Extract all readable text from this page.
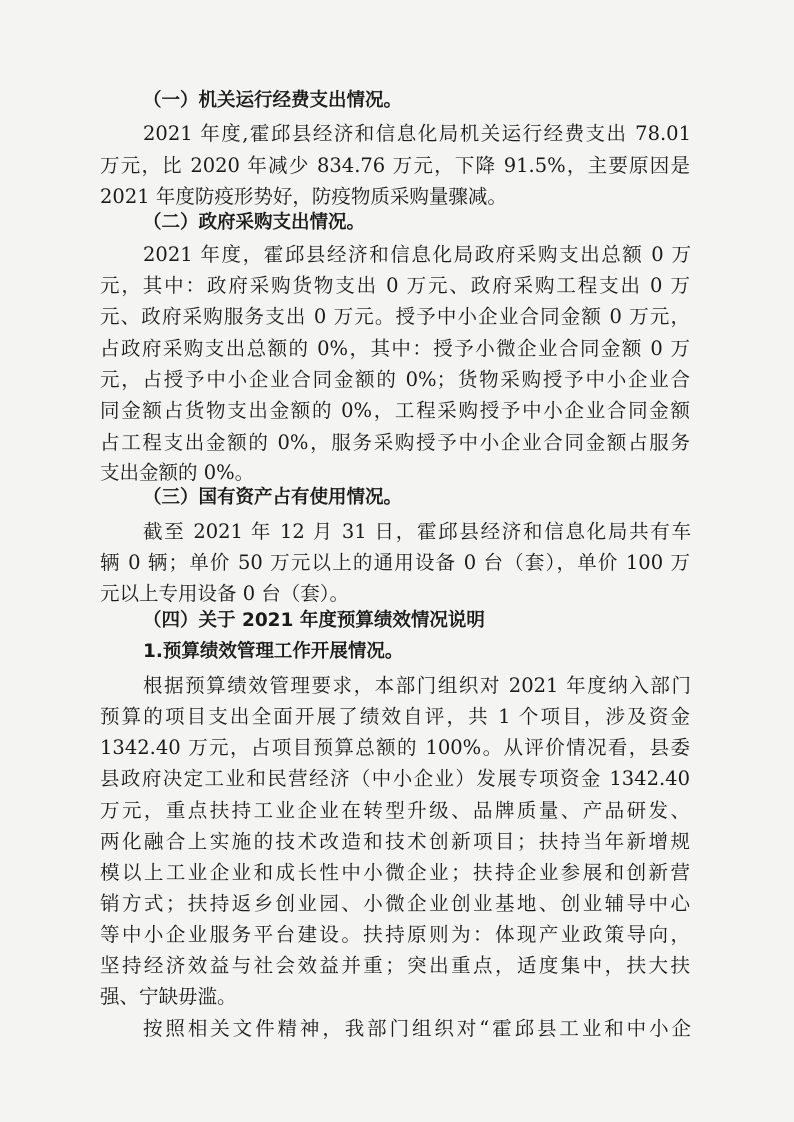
（一）机关运行经费支出情况。
2021 年度,霍邱县经济和信息化局机关运行经费支出 78.01
万元，比 2020 年减少 834.76 万元，下降 91.5%，主要原因是
2021 年度防疫形势好，防疫物质采购量骤减。
（二）政府采购支出情况。
2021 年度，霍邱县经济和信息化局政府采购支出总额 0 万
元，其中：政府采购货物支出 0 万元、政府采购工程支出 0 万
元、政府采购服务支出 0 万元。授予中小企业合同金额 0 万元，
占政府采购支出总额的 0%，其中：授予小微企业合同金额 0 万
元，占授予中小企业合同金额的 0%；货物采购授予中小企业合
同金额占货物支出金额的 0%，工程采购授予中小企业合同金额
占工程支出金额的 0%，服务采购授予中小企业合同金额占服务
支出金额的 0%。
（三）国有资产占有使用情况。
截至 2021 年 12 月 31 日，霍邱县经济和信息化局共有车
辆 0 辆；单价 50 万元以上的通用设备 0 台（套），单价 100 万
元以上专用设备 0 台（套）。
（四）关于 2021 年度预算绩效情况说明
1.预算绩效管理工作开展情况。
根据预算绩效管理要求，本部门组织对 2021 年度纳入部门
预算的项目支出全面开展了绩效自评，共 1 个项目，涉及资金
1342.40 万元，占项目预算总额的 100%。从评价情况看，县委
县政府决定工业和民营经济（中小企业）发展专项资金 1342.40
万元，重点扶持工业企业在转型升级、品牌质量、产品研发、
两化融合上实施的技术改造和技术创新项目；扶持当年新增规
模以上工业企业和成长性中小微企业；扶持企业参展和创新营
销方式；扶持返乡创业园、小微企业创业基地、创业辅导中心
等中小企业服务平台建设。扶持原则为：体现产业政策导向，
坚持经济效益与社会效益并重；突出重点，适度集中，扶大扶
强、宁缺毋滥。
按照相关文件精神，我部门组织对“霍邱县工业和中小企
